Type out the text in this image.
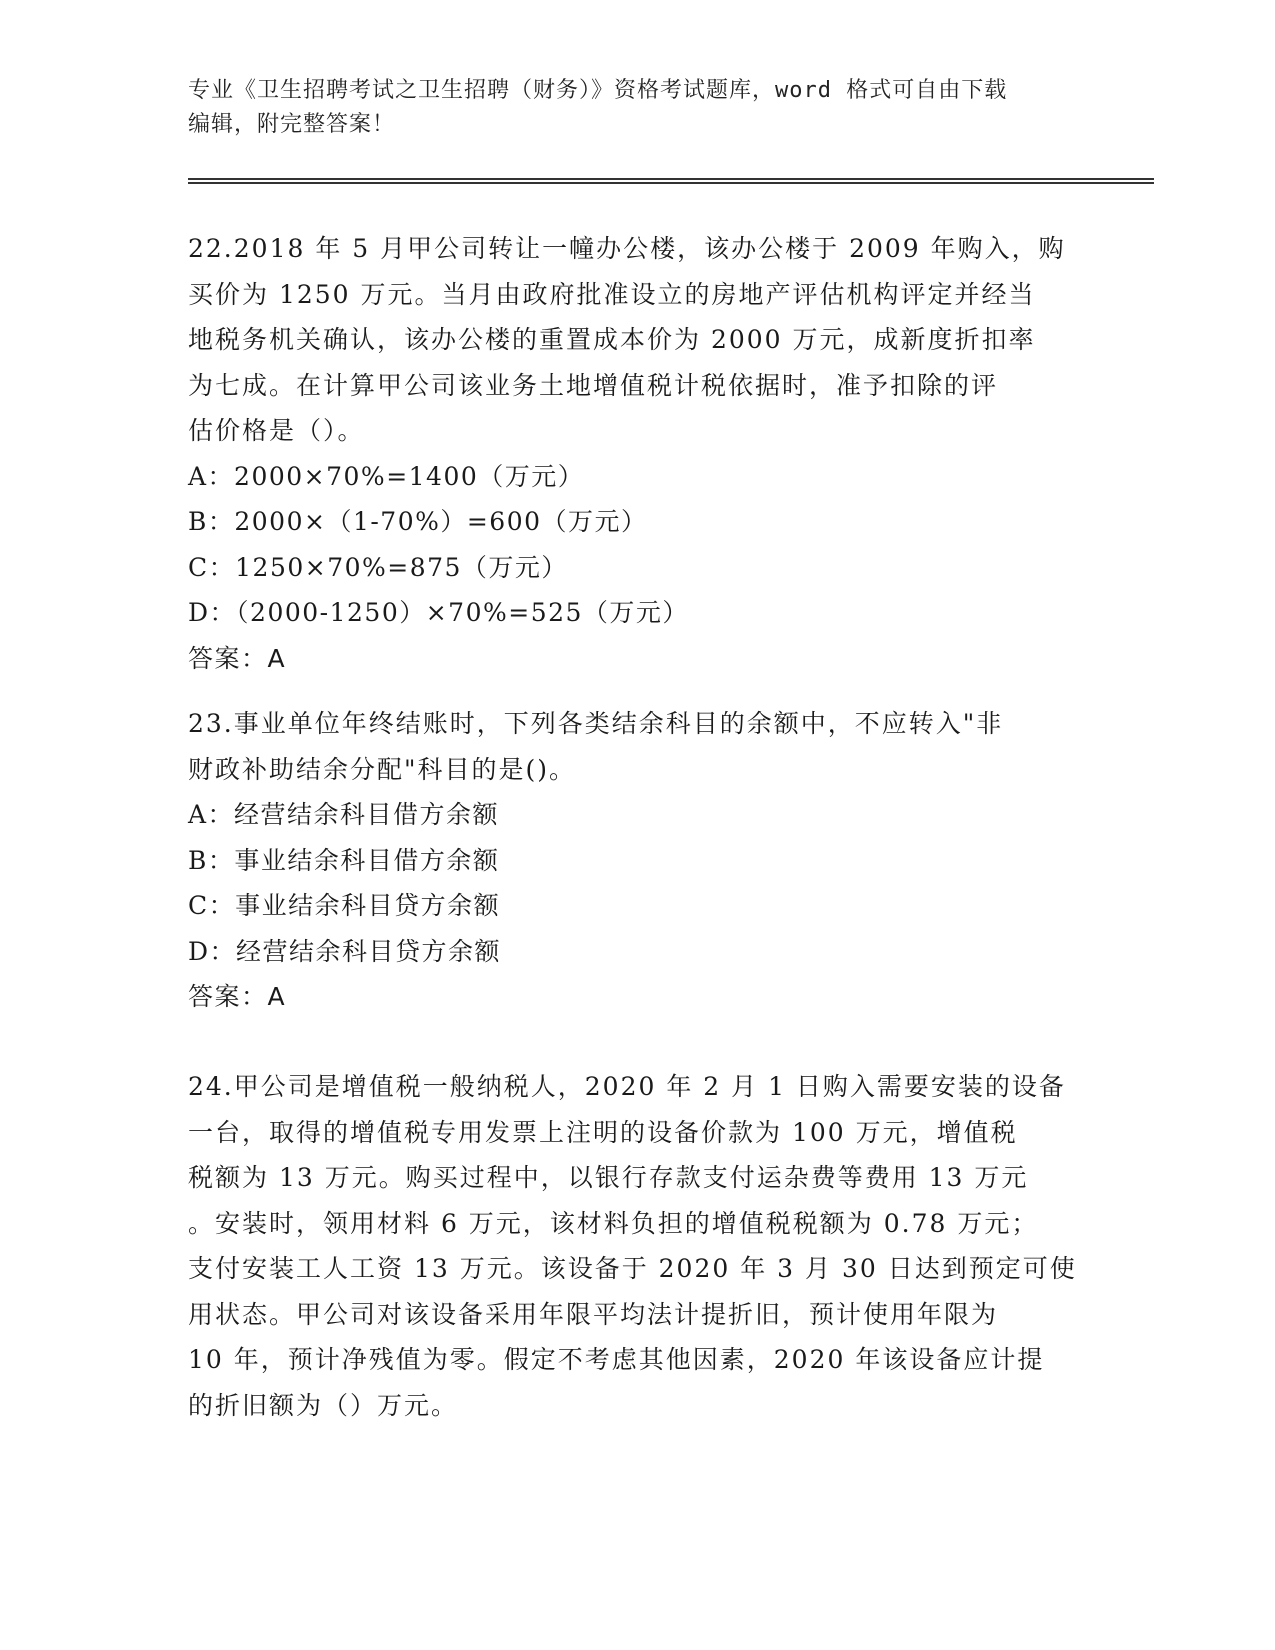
专业《卫生招聘考试之卫生招聘（财务）》资格考试题库，word 格式可自由下载
编辑，附完整答案！

22.2018 年 5 月甲公司转让一幢办公楼，该办公楼于 2009 年购入，购

买价为 1250 万元。当月由政府批准设立的房地产评估机构评定并经当

地税务机关确认，该办公楼的重置成本价为 2000 万元，成新度折扣率

为七成。在计算甲公司该业务土地增值税计税依据时，准予扣除的评

估价格是（）。

A：2000×70%=1400（万元）

B：2000×（1-70%）=600（万元）

C：1250×70%=875（万元）

D：（2000-1250）×70%=525（万元）

答案：A

23.事业单位年终结账时，下列各类结余科目的余额中，不应转入"非

财政补助结余分配"科目的是()。

A：经营结余科目借方余额

B：事业结余科目借方余额

C：事业结余科目贷方余额

D：经营结余科目贷方余额

答案：A

24.甲公司是增值税一般纳税人，2020 年 2 月 1 日购入需要安装的设备

一台，取得的增值税专用发票上注明的设备价款为 100 万元，增值税

税额为 13 万元。购买过程中，以银行存款支付运杂费等费用 13 万元

。安装时，领用材料 6 万元，该材料负担的增值税税额为 0.78 万元；

支付安装工人工资 13 万元。该设备于 2020 年 3 月 30 日达到预定可使

用状态。甲公司对该设备采用年限平均法计提折旧，预计使用年限为

10 年，预计净残值为零。假定不考虑其他因素，2020 年该设备应计提

的折旧额为（）万元。
